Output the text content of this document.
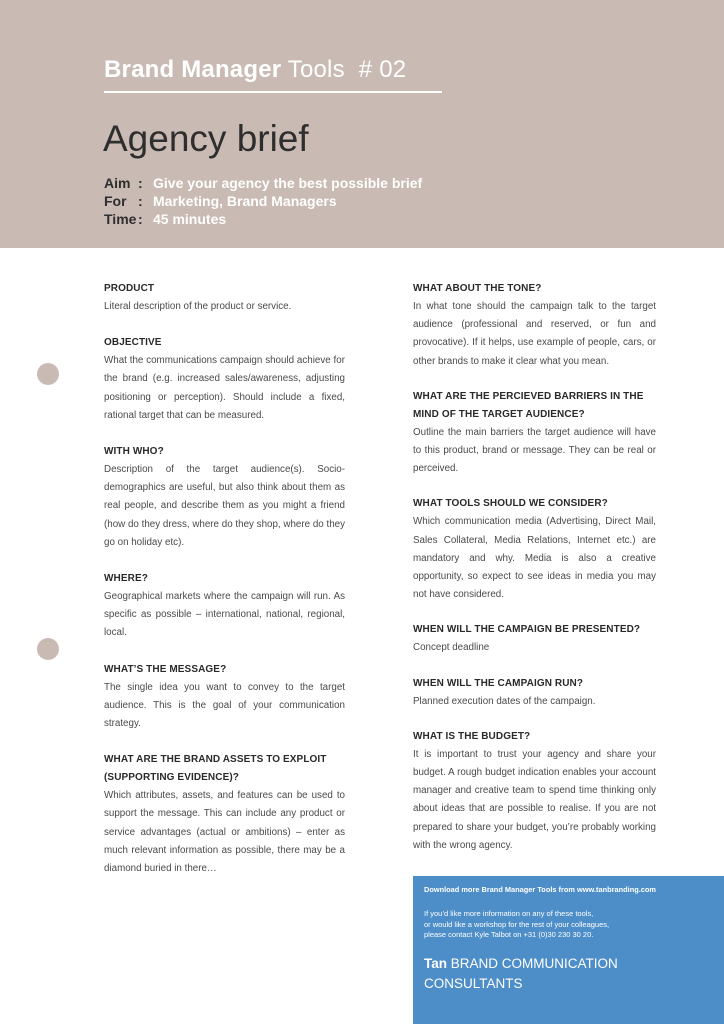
Brand Manager Tools # 02
Agency brief
Aim : Give your agency the best possible brief
For : Marketing, Brand Managers
Time : 45 minutes
PRODUCT

Literal description of the product or service.

OBJECTIVE

What the communications campaign should achieve for the brand (e.g. increased sales/awareness, adjusting positioning or perception). Should include a fixed, rational target that can be measured.

WITH WHO?

Description of the target audience(s). Socio-demographics are useful, but also think about them as real people, and describe them as you might a friend (how do they dress, where do they shop, where do they go on holiday etc).

WHERE?

Geographical markets where the campaign will run. As specific as possible – international, national, regional, local.

WHAT’S THE MESSAGE?

The single idea you want to convey to the target audience. This is the goal of your communication strategy.

WHAT ARE THE BRAND ASSETS TO EXPLOIT (SUPPORTING EVIDENCE)?

Which attributes, assets, and features can be used to support the message. This can include any product or service advantages (actual or ambitions) – enter as much relevant information as possible, there may be a diamond buried in there…

WHAT ABOUT THE TONE?

In what tone should the campaign talk to the target audience (professional and reserved, or fun and provocative). If it helps, use example of people, cars, or other brands to make it clear what you mean.

WHAT ARE THE PERCIEVED BARRIERS IN THE MIND OF THE TARGET AUDIENCE?

Outline the main barriers the target audience will have to this product, brand or message. They can be real or perceived.

WHAT TOOLS SHOULD WE CONSIDER?

Which communication media (Advertising, Direct Mail, Sales Collateral, Media Relations, Internet etc.) are mandatory and why. Media is also a creative opportunity, so expect to see ideas in media you may not have considered.

WHEN WILL THE CAMPAIGN BE PRESENTED?

Concept deadline

WHEN WILL THE CAMPAIGN RUN?

Planned execution dates of the campaign.

WHAT IS THE BUDGET?

It is important to trust your agency and share your budget. A rough budget indication enables your account manager and creative team to spend time thinking only about ideas that are possible to realise. If you are not prepared to share your budget, you’re probably working with the wrong agency.

Download more Brand Manager Tools from www.tanbranding.com
If you’d like more information on any of these tools,
or would like a workshop for the rest of your colleagues,
please contact Kyle Talbot on +31 (0)30 230 30 20.
Tan BRAND COMMUNICATION
CONSULTANTS
